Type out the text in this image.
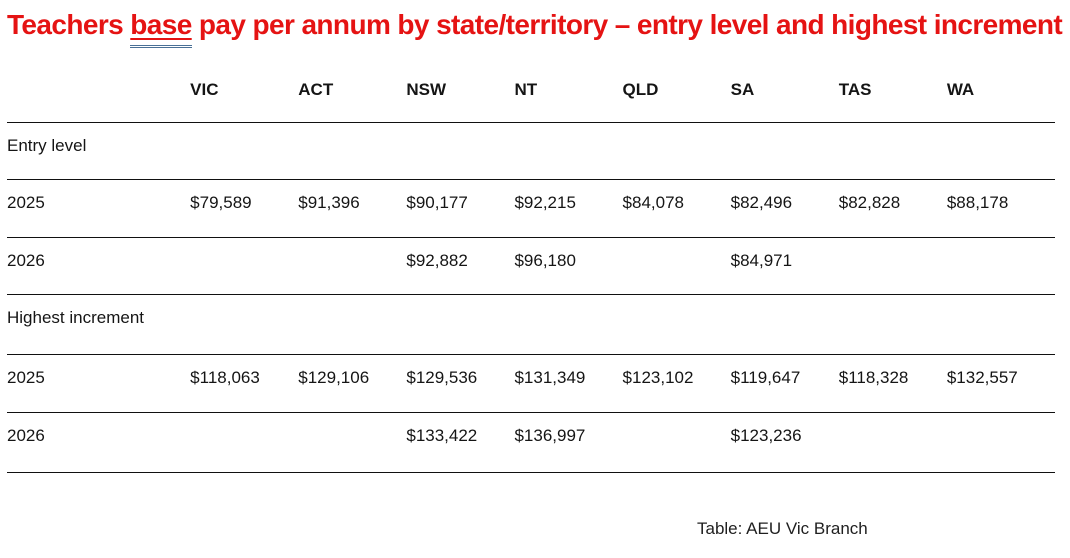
Teachers base pay per annum by state/territory – entry level and highest increment
	VIC	ACT	NSW	NT	QLD	SA	TAS	WA
Entry level								
2025	$79,589	$91,396	$90,177	$92,215	$84,078	$82,496	$82,828	$88,178
2026			$92,882	$96,180		$84,971		
Highest increment								
2025	$118,063	$129,106	$129,536	$131,349	$123,102	$119,647	$118,328	$132,557
2026			$133,422	$136,997		$123,236		
Table: AEU Vic Branch
